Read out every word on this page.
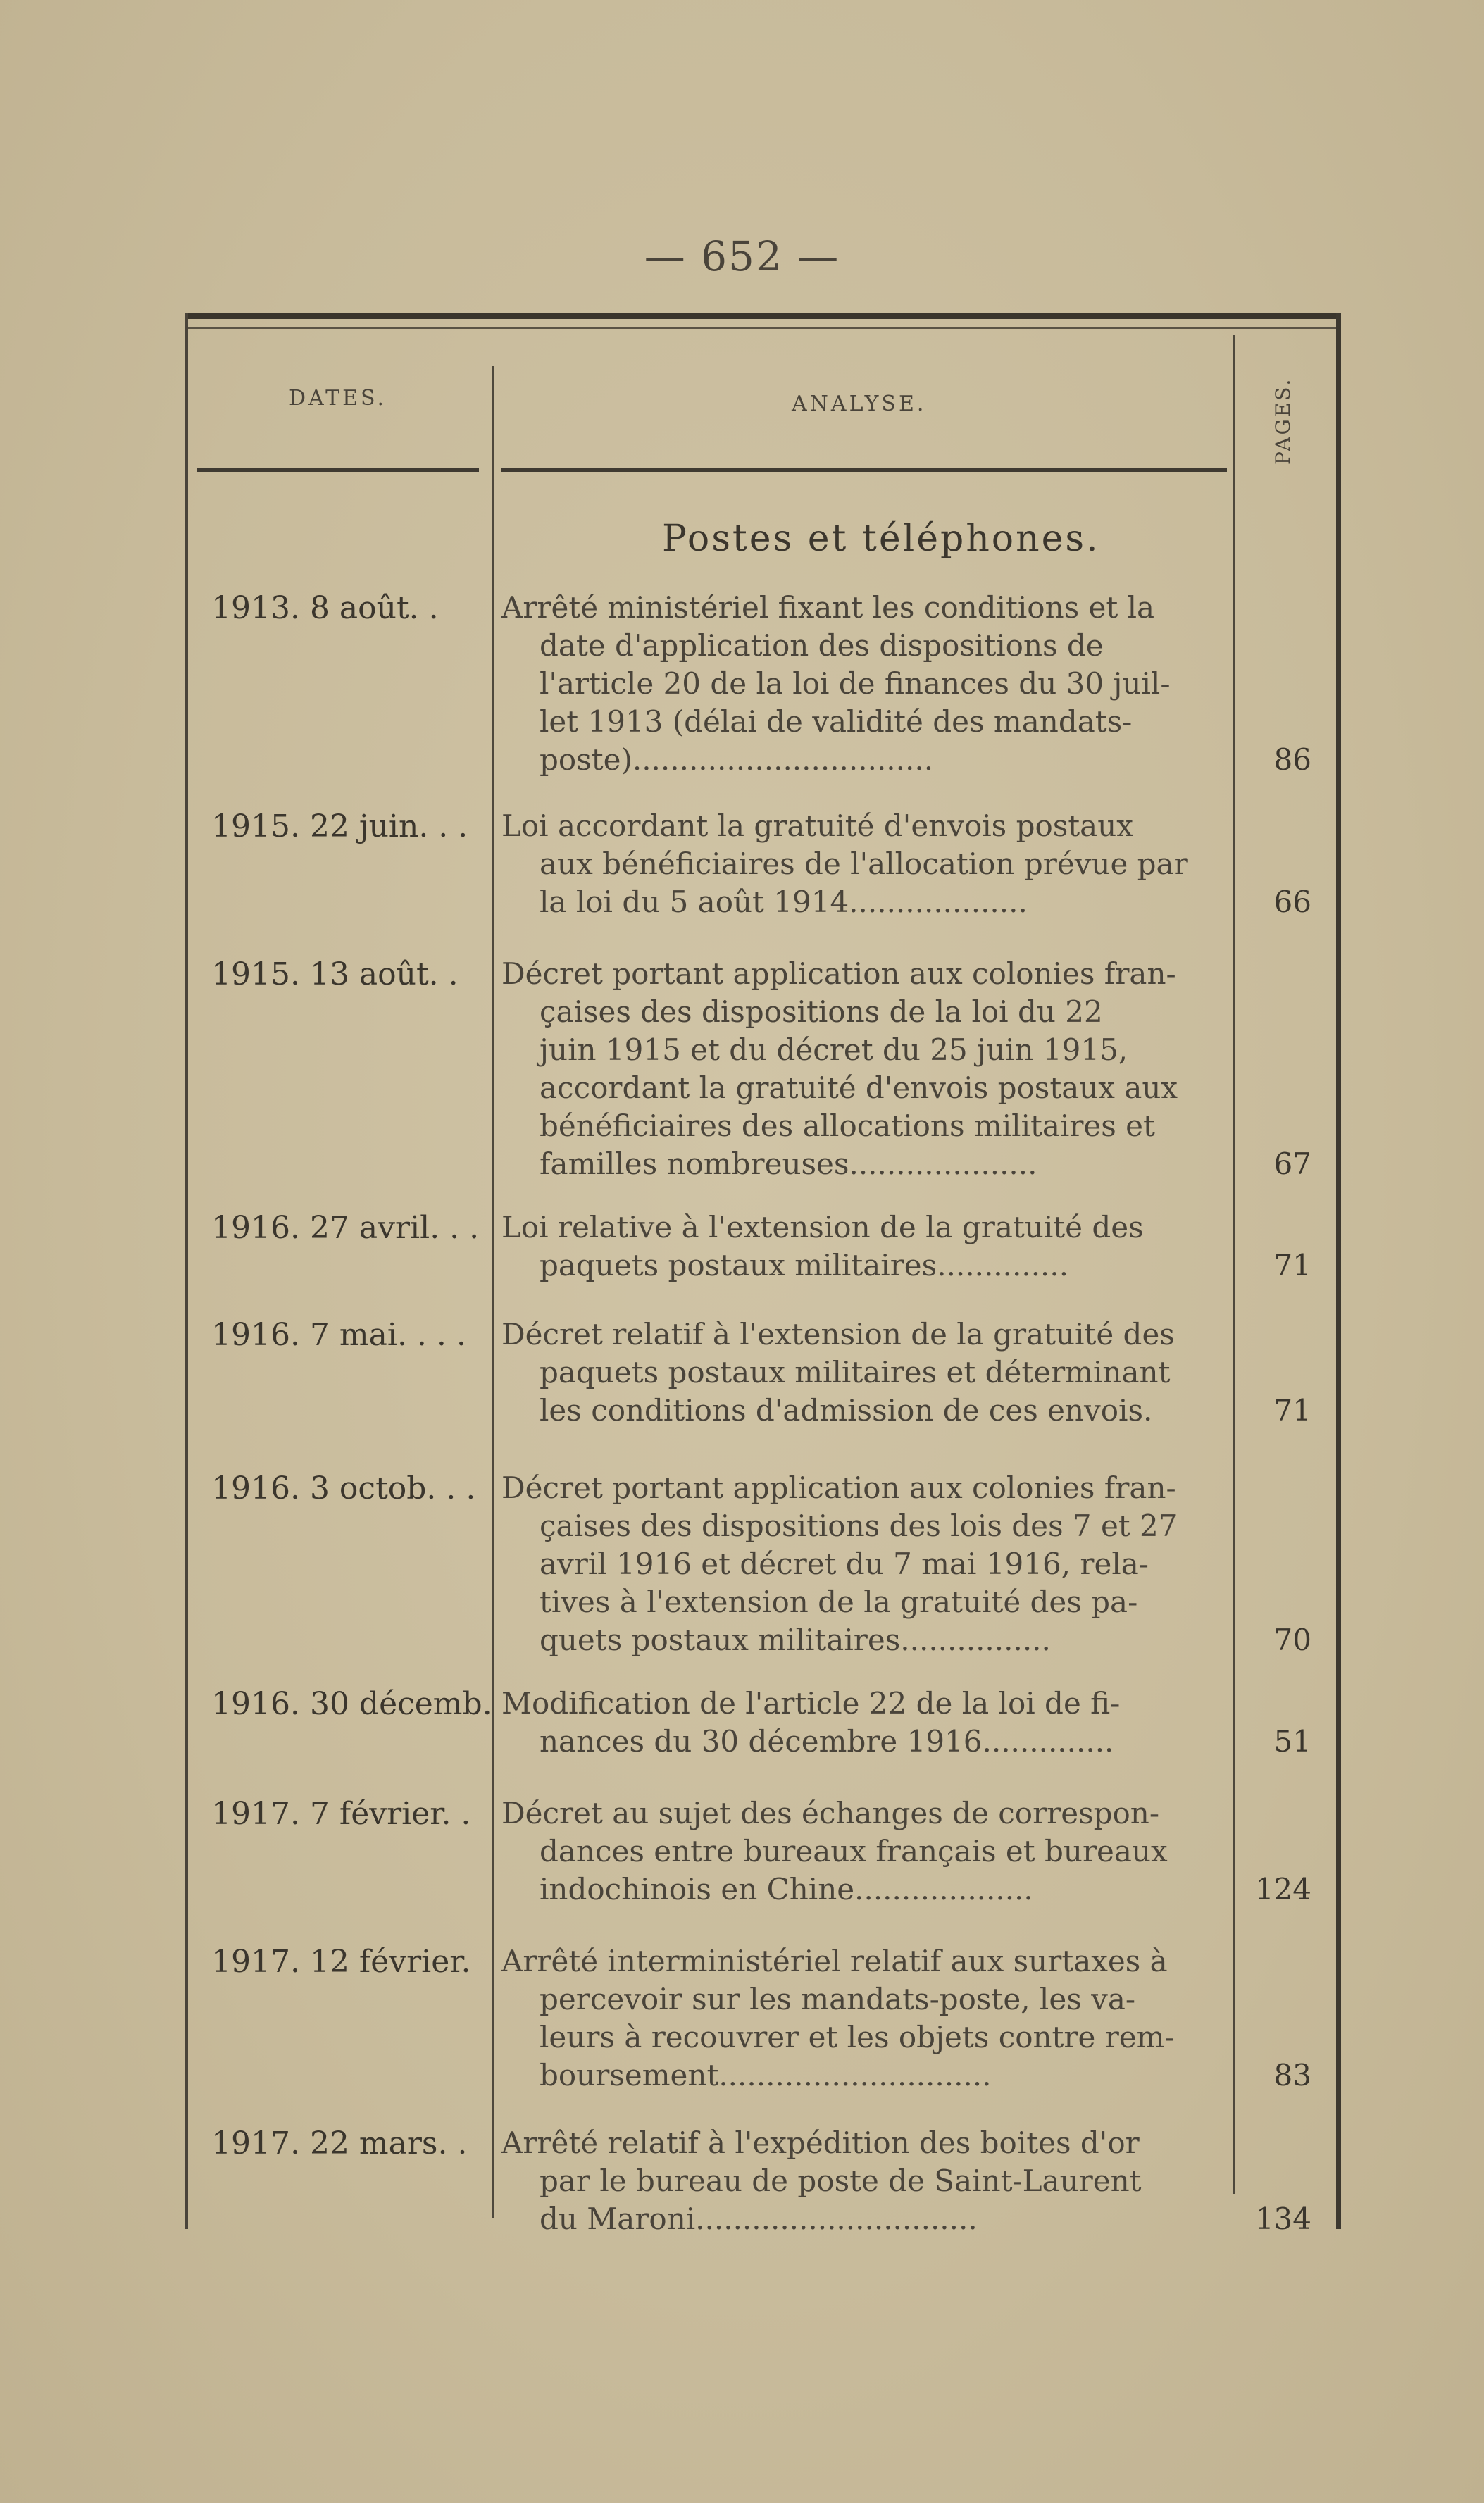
— 652 —
DATES.	ANALYSE.	PAGES.
Postes et téléphones.
1913. 8 août. . Arrêté ministériel fixant les conditions et la
date d'application des dispositions de
l'article 20 de la loi de finances du 30 juil-
let 1913 (délai de validité des mandats-
poste)................................	86
1915. 22 juin. . . Loi accordant la gratuité d'envois postaux
aux bénéficiaires de l'allocation prévue par
la loi du 5 août 1914...................	66
1915. 13 août. . Décret portant application aux colonies fran-
çaises des dispositions de la loi du 22
juin 1915 et du décret du 25 juin 1915,
accordant la gratuité d'envois postaux aux
bénéficiaires des allocations militaires et
familles nombreuses....................	67
1916. 27 avril. . . Loi relative à l'extension de la gratuité des
paquets postaux militaires..............	71
1916. 7 mai. . . . Décret relatif à l'extension de la gratuité des
paquets postaux militaires et déterminant
les conditions d'admission de ces envois.	71
1916. 3 octob. . . Décret portant application aux colonies fran-
çaises des dispositions des lois des 7 et 27
avril 1916 et décret du 7 mai 1916, rela-
tives à l'extension de la gratuité des pa-
quets postaux militaires................	70
1916. 30 décemb. Modification de l'article 22 de la loi de fi-
nances du 30 décembre 1916..............	51
1917. 7 février. . Décret au sujet des échanges de correspon-
dances entre bureaux français et bureaux
indochinois en Chine...................	124
1917. 12 février. Arrêté interministériel relatif aux surtaxes à
percevoir sur les mandats-poste, les va-
leurs à recouvrer et les objets contre rem-
boursement.............................	83
1917. 22 mars. . Arrêté relatif à l'expédition des boites d'or
par le bureau de poste de Saint-Laurent
du Maroni..............................	134
